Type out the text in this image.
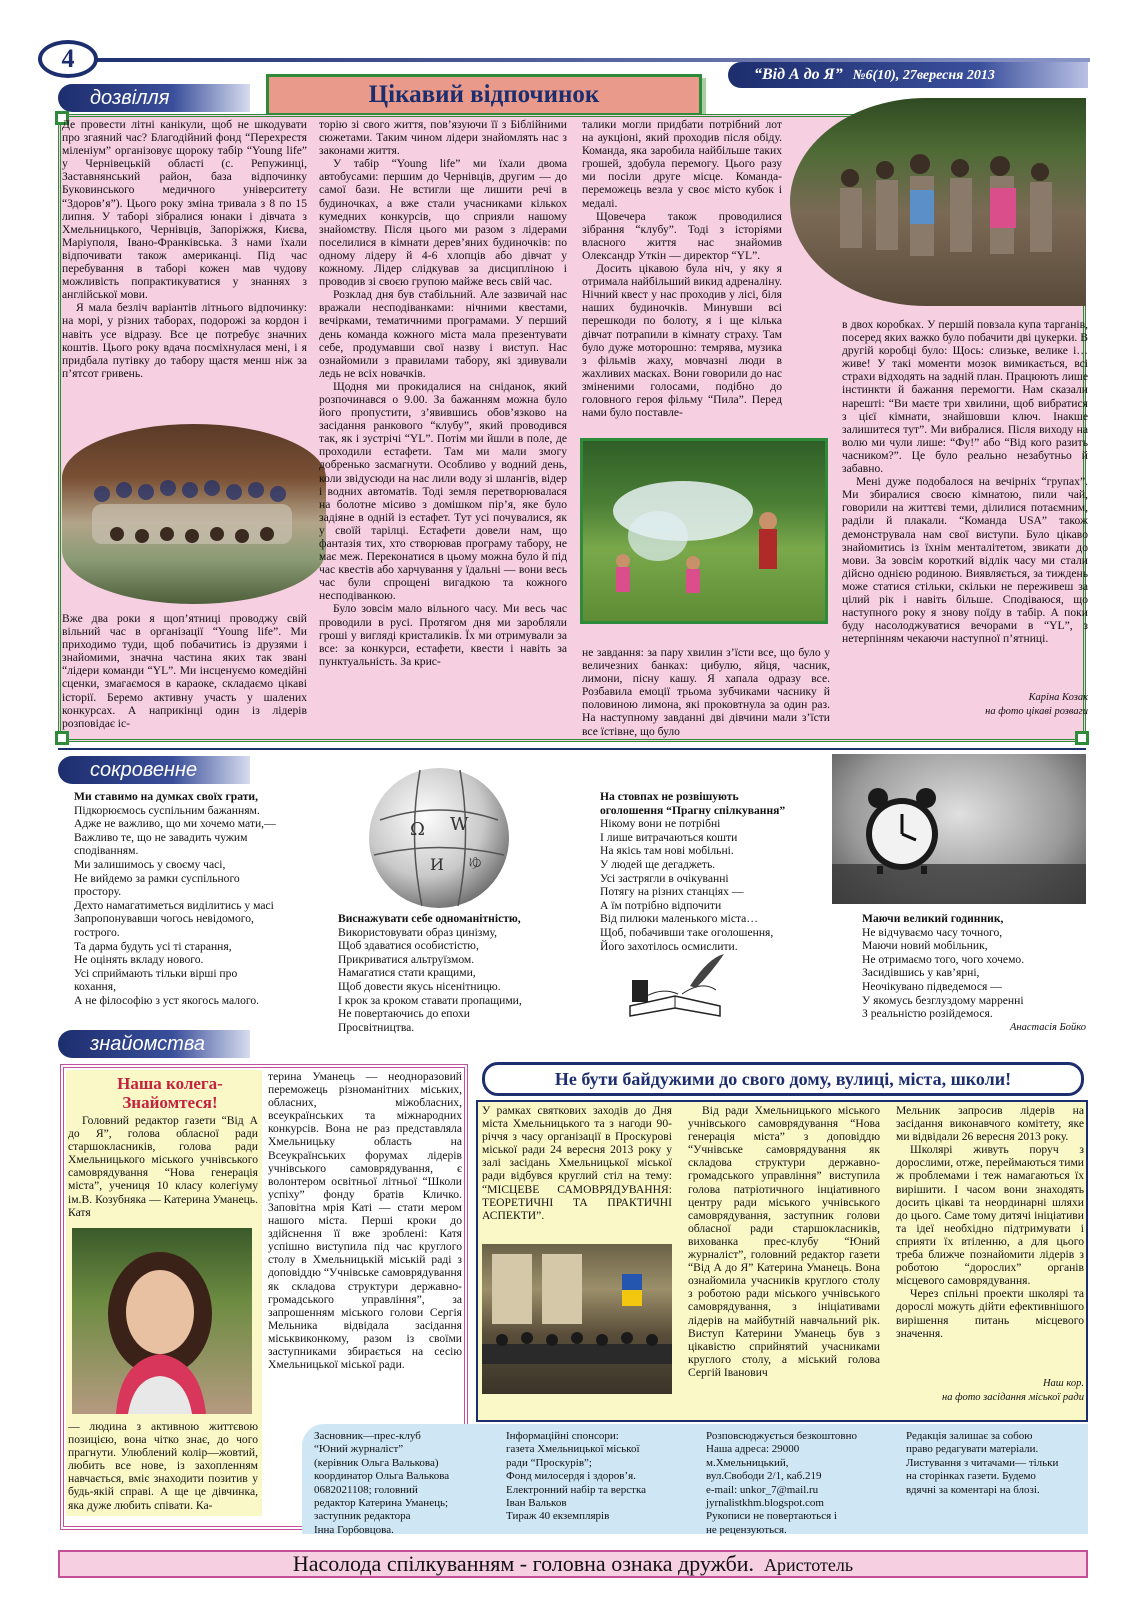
4
“Від А до Я” №6(10), 27вересня 2013
дозвілля	Цікавий відпочинок

Де провести літні канікули, щоб не шкодувати про згаяний час? Благодійний фонд “Перехрестя міленіум” організовує щороку табір “Young life” у Чернівецькій області (с. Репужинці, Заставнянський район, база відпочинку Буковинського медичного університету “Здоров’я”). Цього року зміна тривала з 8 по 15 липня. У таборі зібралися юнаки і дівчата з Хмельницького, Чернівців, Запоріжжя, Києва, Маріуполя, Івано-Франківська. З нами їхали відпочивати також американці. Під час перебування в таборі кожен мав чудову можливість попрактикуватися у знаннях з англійської мови.

Я мала безліч варіантів літнього відпочинку: на морі, у різних таборах, подорожі за кордон і навіть усе відразу. Все це потребує значних коштів. Цього року вдача посміхнулася мені, і я придбала путівку до табору щастя менш ніж за п’ятсот гривень.

Вже два роки я щоп’ятниці проводжу свій вільний час в організації “Young life”. Ми приходимо туди, щоб побачитись із друзями і знайомими, значна частина яких так звані “лідери команди “YL”. Ми інсценуємо комедійні сценки, змагаємося в караоке, складаємо цікаві історії. Беремо активну участь у шалених конкурсах. А наприкінці один із лідерів розповідає іс-

торію зі свого життя, пов’язуючи її з Біблійними сюжетами. Таким чином лідери знайомлять нас з законами життя.

У табір “Young life” ми їхали двома автобусами: першим до Чернівців, другим — до самої бази. Не встигли ще лишити речі в будиночках, а вже стали учасниками кількох кумедних конкурсів, що сприяли нашому знайомству. Після цього ми разом з лідерами поселилися в кімнати дерев’яних будиночків: по одному лідеру й 4-6 хлопців або дівчат у кожному. Лідер слідкував за дисципліною і проводив зі своєю групою майже весь свій час.

Розклад дня був стабільний. Але зазвичай нас вражали несподіванками: нічними квестами, вечірками, тематичними програмами. У перший день команда кожного міста мала презентувати себе, продумавши свої назву і виступ. Нас ознайомили з правилами табору, які здивували ледь не всіх новачків.

Щодня ми прокидалися на сніданок, який розпочинався о 9.00. За бажанням можна було його пропустити, з’явившись обов’язково на засідання ранкового “клубу”, який проводився так, як і зустрічі “YL”. Потім ми йшли в поле, де проходили естафети. Там ми мали змогу добренько засмагнути. Особливо у водний день, коли звідусюди на нас лили воду зі шлангів, відер і водних автоматів. Тоді земля перетворювалася на болотне місиво з домішком пір’я, яке було задіяне в одній із естафет. Тут усі почувалися, як у своїй тарілці. Естафети довели нам, що фантазія тих, хто створював програму табору, не має меж. Переконатися в цьому можна було й під час квестів або харчування у їдальні — вони весь час були спрощені вигадкою та кожного несподіванкою.

Було зовсім мало вільного часу. Ми весь час проводили в русі. Протягом дня ми заробляли гроші у вигляді кристаликів. Їх ми отримували за все: за конкурси, естафети, квести і навіть за пунктуальність. За крис-

талики могли придбати потрібний лот на аукціоні, який проходив після обіду. Команда, яка заробила найбільше таких грошей, здобула перемогу. Цього разу ми посіли друге місце. Команда-переможець везла у своє місто кубок і медалі.

Щовечера також проводилися зібрання “клубу”. Тоді з історіями власного життя нас знайомив Олександр Уткін — директор “YL”.

Досить цікавою була ніч, у яку я отримала найбільший викид адреналіну. Нічний квест у нас проходив у лісі, біля наших будиночків. Минувши всі перешкоди по болоту, я і ще кілька дівчат потрапили в кімнату страху. Там було дуже моторошно: темрява, музика з фільмів жаху, мовчазні люди в жахливих масках. Вони говорили до нас зміненими голосами, подібно до головного героя фільму “Пила”. Перед нами було поставле-

не завдання: за пару хвилин з’їсти все, що було у величезних банках: цибулю, яйця, часник, лимони, пісну кашу. Я хапала одразу все. Розбавила емоції трьома зубчиками часнику й половиною лимона, які проковтнула за один раз. На наступному завданні дві дівчини мали з’їсти все їстівне, що було

в двох коробках. У першій повзала купа тарганів, посеред яких важко було побачити дві цукерки. В другій коробці було: Щось: слизьке, велике і…живе! У такі моменти мозок вимикається, всі страхи відходять на задній план. Працюють лише інстинкти й бажання перемогти. Нам сказали нарешті: “Ви маєте три хвилини, щоб вибратися з цієї кімнати, знайшовши ключ. Інакше залишитеся тут”. Ми вибралися. Після виходу на волю ми чули лише: “Фу!” або “Від кого разить часником?”. Це було реально незабутньо й забавно.

Мені дуже подобалося на вечірніх “групах”. Ми збиралися своєю кімнатою, пили чай, говорили на життєві теми, ділилися потаємним, раділи й плакали. “Команда USA” також демонструвала нам свої виступи. Було цікаво знайомитись із їхнім менталітетом, звикати до мови. За зовсім короткий відлік часу ми стали дійсно однією родиною. Виявляється, за тиждень може статися стільки, скільки не переживеш за цілий рік і навіть більше. Сподіваюся, що наступного року я знову поїду в табір. А поки буду насолоджуватися вечорами в “YL”, з нетерпінням чекаючи наступної п’ятниці.

Каріна Козак
на фото цікаві розваги
сокровенне
Ми ставимо на думках своїх грати,
Підкорюємось суспільним бажанням.
Адже не важливо, що ми хочемо мати,—
Важливо те, що не завадить чужим
сподіванням.
Ми залишимось у своєму часі,
Не вийдемо за рамки суспільного
простору.
Дехто намагатиметься виділитись у масі
Запропонувавши чогось невідомого,
гострого.
Та дарма будуть усі ті старання,
Не оцінять вкладу нового.
Усі сприймають тільки вірші про
кохання,
А не філософію з уст якогось малого.
Ω W
И ゆ
Виснажувати себе одноманітністю,
Використовувати образ цинізму,
Щоб здаватися особистістю,
Прикриватися альтруїзмом.
Намагатися стати кращими,
Щоб довести якусь нісенітницю.
І крок за кроком ставати пропащими,
Не повертаючись до епохи
Просвітництва.
На стовпах не розвішують
оголошення “Прагну спілкування”
Нікому вони не потрібні
І лише витрачаються кошти
На якісь там нові мобільні.
У людей ще дегаджеть.
Усі застрягли в очікуванні
Потягу на різних станціях —
А їм потрібно відпочити
Від пилюки маленького міста…
Щоб, побачивши таке оголошення,
Його захотілось осмислити.
Маючи великий годинник,
Не відчуваємо часу точного,
Маючи новий мобільник,
Не отримаємо того, чого хочемо.
Засидівшись у кав’ярні,
Неочікувано підведемося —
У якомусь безглуздому марренні
З реальністю розійдемося.
Анастасія Бойко
знайомства
Наша колега-Знайомтеся!

Головний редактор газети “Від А до Я”, голова обласної ради старшокласників, голова ради Хмельницького міського учнівського самоврядування “Нова генерація міста”, учениця 10 класу колегіуму ім.В. Козубняка — Катерина Уманець. Катя

— людина з активною життєвою позицією, вона чітко знає, до чого прагнути. Улюблений колір—жовтий, любить все нове, із захопленням навчається, вміє знаходити позитив у будь-якій справі. А ще це дівчинка, яка дуже любить співати. Ка-

терина Уманець — неодноразовий переможець різноманітних міських, обласних, міжобласних, всеукраїнських та міжнародних конкурсів. Вона не раз представляла Хмельницьку область на Всеукраїнських форумах лідерів учнівського самоврядування, є волонтером освітньої літньої “Школи успіху” фонду братів Кличко. Заповітна мрія Каті — стати мером нашого міста. Перші кроки до здійснення її вже зроблені: Катя успішно виступила під час круглого столу в Хмельницькій міській раді з доповіддю “Учнівське самоврядування як складова структури державно-громадського управління”, за запрошенням міського голови Сергія Мельника відвідала засідання міськвиконкому, разом із своїми заступниками збирається на сесію Хмельницької міської ради.

Не бути байдужими до свого дому, вулиці, міста, школи!

У рамках святкових заходів до Дня міста Хмельницького та з нагоди 90-річчя з часу організації в Проскурові міської ради 24 вересня 2013 року у залі засідань Хмельницької міської ради відбувся круглий стіл на тему: “МІСЦЕВЕ САМОВРЯДУВАННЯ: ТЕОРЕТИЧНІ ТА ПРАКТИЧНІ АСПЕКТИ”.

Від ради Хмельницького міського учнівського самоврядування “Нова генерація міста” з доповіддю “Учнівське самоврядування як складова структури державно-громадського управління” виступила голова патріотичного інціативного центру ради міського учнівського самоврядування, заступник голови обласної ради старшокласників, вихованка прес-клубу “Юний журналіст”, головний редактор газети “Від А до Я” Катерина Уманець. Вона ознайомила учасників круглого столу з роботою ради міського учнівського самоврядування, з ініціативами лідерів на майбутній навчальний рік. Виступ Катерини Уманець був з цікавістю сприйнятий учасниками круглого столу, а міський голова Сергій Іванович

Мельник запросив лідерів на засідання виконавчого комітету, яке ми відвідали 26 вересня 2013 року.

Школярі живуть поруч з дорослими, отже, переймаються тими ж проблемами і теж намагаються їх вирішити. І часом вони знаходять досить цікаві та неординарні шляхи до цього. Саме тому дитячі ініціативи та ідеї необхідно підтримувати і сприяти їх втіленню, а для цього треба ближче познайомити лідерів з роботою “дорослих” органів місцевого самоврядування.

Через спільні проекти школярі та дорослі можуть дійти ефективнішого вирішення питань місцевого значення.

Наш кор.
на фото засідання міської ради
Засновник—прес-клуб
“Юний журналіст”
(керівник Ольга Валькова)
координатор Ольга Валькова
0682021108; головний
редактор Катерина Уманець;
заступник редактора
Інна Горбовцова.
Інформаційні спонсори:
газета Хмельницької міської
ради “Проскурів”;
Фонд милосердя і здоров’я.
Електронний набір та верстка
Іван Вальков
Тираж 40 екземплярів
Розповсюджується безкоштовно
Наша адреса: 29000
м.Хмельницький,
вул.Свободи 2/1, каб.219
e-mail: unkor_7@mail.ru
jyrnalistkhm.blogspot.com
Рукописи не повертаються і
не рецензуються.
Редакція залишає за собою
право редагувати матеріали.
Листування з читачами— тільки
на сторінках газети. Будемо
вдячні за коментарі на блозі.
Насолода спілкуванням - головна ознака дружби. Аристотель
